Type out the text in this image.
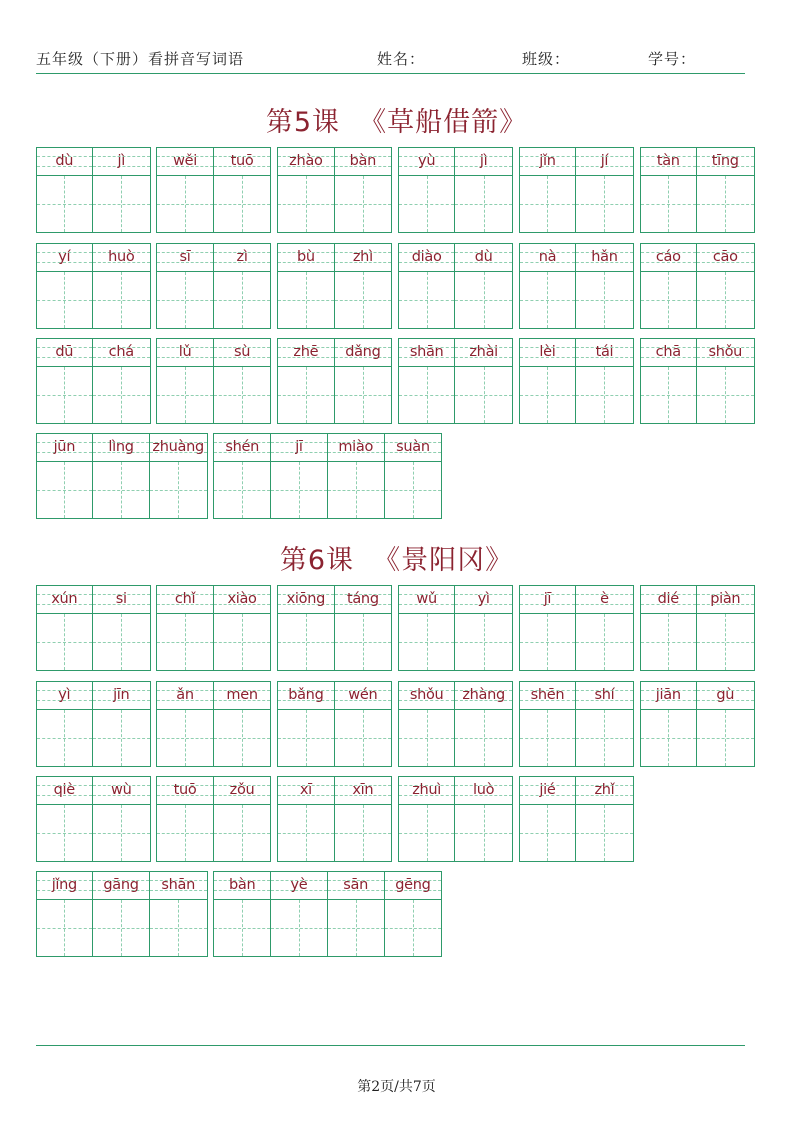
五年级（下册）看拼音写词语	姓名：	班级：	学号：
第5课 《草船借箭》
dù	jì	wěi	tuō	zhào	bàn	yù	jì	jǐn	jí	tàn	tīng
yí	huò	sī	zì	bù	zhì	diào	dù	nà	hǎn	cáo	cāo
dū	chá	lǔ	sù	zhē	dǎng	shān	zhài	lèi	tái	chā	shǒu
jūn	lìng	zhuàng	shén	jī	miào	suàn
第6课 《景阳冈》
xún	si	chǐ	xiào	xiōng	táng	wǔ	yì	jī	è	dié	piàn
yì	jīn	ǎn	men	bǎng	wén	shǒu	zhàng	shēn	shí	jiān	gù
qiè	wù	tuō	zǒu	xī	xīn	zhuì	luò	jié	zhǐ
jǐng	gāng	shān	bàn	yè	sān	gēng
第2页/共7页
